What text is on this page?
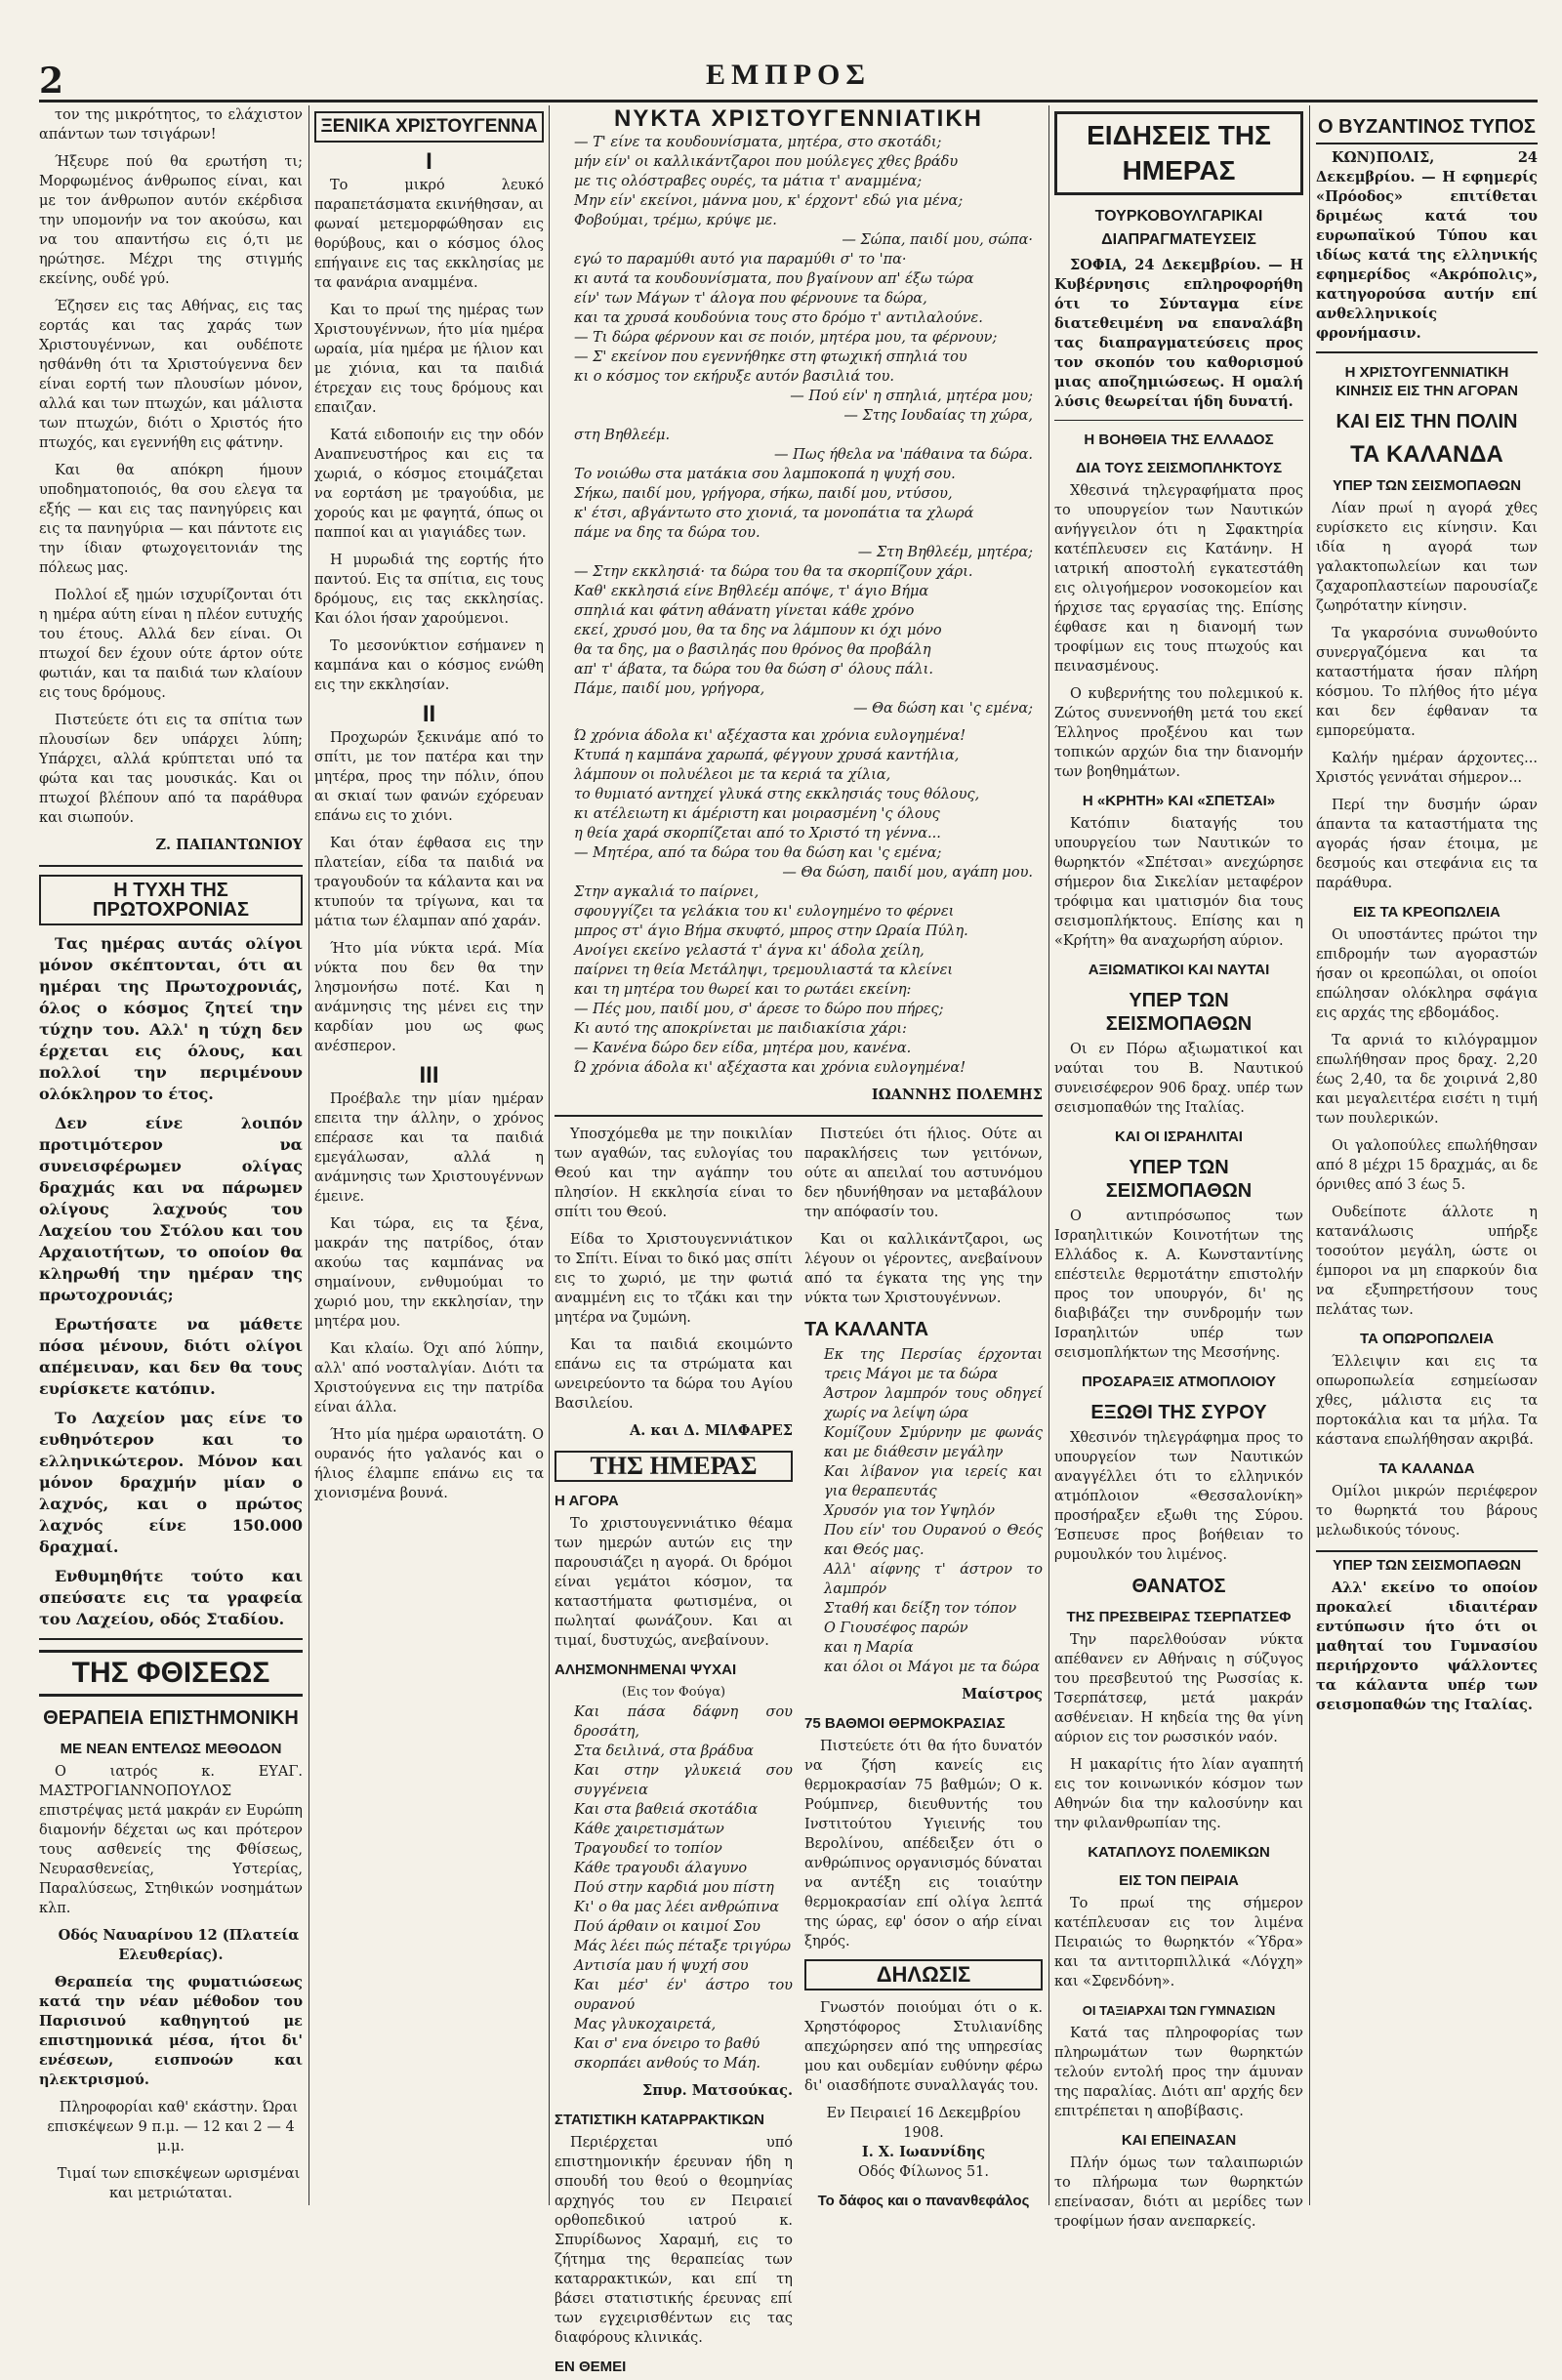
2	ΕΜΠΡΟΣ

τον της μικρότητος, το ελάχιστον απάντων των τσιγάρων!

Ήξευρε πού θα ερωτήση τι; Μορφωμένος άνθρωπος είναι, και με τον άνθρωπον αυτόν εκέρδισα την υπομονήν να τον ακούσω, και να του απαντήσω εις ό,τι με ηρώτησε. Μέχρι της στιγμής εκείνης, ουδέ γρύ.

Έζησεν εις τας Αθήνας, εις τας εορτάς και τας χαράς των Χριστουγέννων, και ουδέποτε ησθάνθη ότι τα Χριστούγεννα δεν είναι εορτή των πλουσίων μόνον, αλλά και των πτωχών, και μάλιστα των πτωχών, διότι ο Χριστός ήτο πτωχός, και εγεννήθη εις φάτνην.

Και θα απόκρη ήμουν υποδηματοποιός, θα σου ελεγα τα εξής — και εις τας πανηγύρεις και εις τα πανηγύρια — και πάντοτε εις την ίδιαν φτωχογειτονιάν της πόλεως μας.

Πολλοί εξ ημών ισχυρίζονται ότι η ημέρα αύτη είναι η πλέον ευτυχής του έτους. Αλλά δεν είναι. Οι πτωχοί δεν έχουν ούτε άρτον ούτε φωτιάν, και τα παιδιά των κλαίουν εις τους δρόμους.

Πιστεύετε ότι εις τα σπίτια των πλουσίων δεν υπάρχει λύπη; Υπάρχει, αλλά κρύπτεται υπό τα φώτα και τας μουσικάς. Και οι πτωχοί βλέπουν από τα παράθυρα και σιωπούν.

Ζ. ΠΑΠΑΝΤΩΝΙΟΥ
Η ΤΥΧΗ ΤΗΣ ΠΡΩΤΟΧΡΟΝΙΑΣ

Τας ημέρας αυτάς ολίγοι μόνον σκέπτονται, ότι αι ημέραι της Πρωτοχρονιάς, όλος ο κόσμος ζητεί την τύχην του. Αλλ' η τύχη δεν έρχεται εις όλους, και πολλοί την περιμένουν ολόκληρον το έτος.

Δεν είνε λοιπόν προτιμότερον να συνεισφέρωμεν ολίγας δραχμάς και να πάρωμεν ολίγους λαχνούς του Λαχείου του Στόλου και του Αρχαιοτήτων, το οποίον θα κληρωθή την ημέραν της πρωτοχρονιάς;

Ερωτήσατε να μάθετε πόσα μένουν, διότι ολίγοι απέμειναν, και δεν θα τους ευρίσκετε κατόπιν.

Το Λαχείον μας είνε το ευθηνότερον και το ελληνικώτερον. Μόνον και μόνον δραχμήν μίαν ο λαχνός, και ο πρώτος λαχνός είνε 150.000 δραχμαί.

Ενθυμηθήτε τούτο και σπεύσατε εις τα γραφεία του Λαχείου, οδός Σταδίου.

ΤΗΣ ΦΘΙΣΕΩΣ
ΘΕΡΑΠΕΙΑ ΕΠΙΣΤΗΜΟΝΙΚΗ
ΜΕ ΝΕΑΝ ΕΝΤΕΛΩΣ ΜΕΘΟΔΟΝ

Ο ιατρός κ. ΕΥΑΓ. ΜΑΣΤΡΟΓΙΑΝΝΟΠΟΥΛΟΣ επιστρέψας μετά μακράν εν Ευρώπη διαμονήν δέχεται ως και πρότερον τους ασθενείς της Φθίσεως, Νευρασθενείας, Υστερίας, Παραλύσεως, Στηθικών νοσημάτων κλπ.

Οδός Ναυαρίνου 12 (Πλατεία Ελευθερίας).

Θεραπεία της φυματιώσεως κατά την νέαν μέθοδον του Παρισινού καθηγητού με επιστημονικά μέσα, ήτοι δι' ενέσεων, εισπνοών και ηλεκτρισμού.

Πληροφορίαι καθ' εκάστην. Ώραι επισκέψεων 9 π.μ. — 12 και 2 — 4 μ.μ.

Τιμαί των επισκέψεων ωρισμέναι και μετριώταται.

ΞΕΝΙΚΑ ΧΡΙΣΤΟΥΓΕΝΝΑ
Ι

Το μικρό λευκό παραπετάσματα εκινήθησαν, αι φωναί μετεμορφώθησαν εις θορύβους, και ο κόσμος όλος επήγαινε εις τας εκκλησίας με τα φανάρια αναμμένα.

Και το πρωί της ημέρας των Χριστουγέννων, ήτο μία ημέρα ωραία, μία ημέρα με ήλιον και με χιόνια, και τα παιδιά έτρεχαν εις τους δρόμους και επαιζαν.

Κατά ειδοποιήν εις την οδόν Αναπνευστήρος και εις τα χωριά, ο κόσμος ετοιμάζεται να εορτάση με τραγούδια, με χορούς και με φαγητά, όπως οι παπποί και αι γιαγιάδες των.

Η μυρωδιά της εορτής ήτο παντού. Εις τα σπίτια, εις τους δρόμους, εις τας εκκλησίας. Και όλοι ήσαν χαρούμενοι.

Το μεσονύκτιον εσήμανεν η καμπάνα και ο κόσμος ενώθη εις την εκκλησίαν.

ΙΙ

Προχωρών ξεκινάμε από το σπίτι, με τον πατέρα και την μητέρα, προς την πόλιν, όπου αι σκιαί των φανών εχόρευαν επάνω εις το χιόνι.

Και όταν έφθασα εις την πλατείαν, είδα τα παιδιά να τραγουδούν τα κάλαντα και να κτυπούν τα τρίγωνα, και τα μάτια των έλαμπαν από χαράν.

Ήτο μία νύκτα ιερά. Μία νύκτα που δεν θα την λησμονήσω ποτέ. Και η ανάμνησις της μένει εις την καρδίαν μου ως φως ανέσπερον.

ΙΙΙ

Προέβαλε την μίαν ημέραν επειτα την άλλην, ο χρόνος επέρασε και τα παιδιά εμεγάλωσαν, αλλά η ανάμνησις των Χριστουγέννων έμεινε.

Και τώρα, εις τα ξένα, μακράν της πατρίδος, όταν ακούω τας καμπάνας να σημαίνουν, ενθυμούμαι το χωριό μου, την εκκλησίαν, την μητέρα μου.

Και κλαίω. Όχι από λύπην, αλλ' από νοσταλγίαν. Διότι τα Χριστούγεννα εις την πατρίδα είναι άλλα.

Ήτο μία ημέρα ωραιοτάτη. Ο ουρανός ήτο γαλανός και ο ήλιος έλαμπε επάνω εις τα χιονισμένα βουνά.

ΝΥΚΤΑ ΧΡΙΣΤΟΥΓΕΝΝΙΑΤΙΚΗ
— Τ' είνε τα κουδουνίσματα, μητέρα, στο σκοτάδι;
μήν είν' οι καλλικάντζαροι που μούλεγες χθες βράδυ
με τις ολόστραβες ουρές, τα μάτια τ' αναμμένα;
Μην είν' εκείνοι, μάννα μου, κ' έρχοντ' εδώ για μένα;
Φοβούμαι, τρέμω, κρύψε με.
— Σώπα, παιδί μου, σώπα·
εγώ το παραμύθι αυτό για παραμύθι σ' το 'πα·
κι αυτά τα κουδουνίσματα, που βγαίνουν απ' έξω τώρα
είν' των Μάγων τ' άλογα που φέρνουνε τα δώρα,
και τα χρυσά κουδούνια τους στο δρόμο τ' αντιλαλούνε.
— Τι δώρα φέρνουν και σε ποιόν, μητέρα μου, τα φέρνουν;
— Σ' εκείνον που εγεννήθηκε στη φτωχική σπηλιά του
κι ο κόσμος τον εκήρυξε αυτόν βασιλιά του.
— Πού είν' η σπηλιά, μητέρα μου;
— Στης Ιουδαίας τη χώρα,
στη Βηθλεέμ.
— Πως ήθελα να 'πάθαινα τα δώρα.
Το νοιώθω στα ματάκια σου λαμποκοπά η ψυχή σου.
Σήκω, παιδί μου, γρήγορα, σήκω, παιδί μου, ντύσου,
κ' έτσι, αβγάντωτο στο χιονιά, τα μονοπάτια τα χλωρά
πάμε να δης τα δώρα του.
— Στη Βηθλεέμ, μητέρα;
— Στην εκκλησιά· τα δώρα του θα τα σκορπίζουν χάρι.
Καθ' εκκλησιά είνε Βηθλεέμ απόψε, τ' άγιο Βήμα
σπηλιά και φάτνη αθάνατη γίνεται κάθε χρόνο
εκεί, χρυσό μου, θα τα δης να λάμπουν κι όχι μόνο
θα τα δης, μα ο βασιληάς που θρόνος θα προβάλη
απ' τ' άβατα, τα δώρα του θα δώση σ' όλους πάλι.
Πάμε, παιδί μου, γρήγορα,
— Θα δώση και 'ς εμένα;
Ώ χρόνια άδολα κι' αξέχαστα και χρόνια ευλογημένα!
Κτυπά η καμπάνα χαρωπά, φέγγουν χρυσά καντήλια,
λάμπουν οι πολυέλεοι με τα κεριά τα χίλια,
το θυμιατό αντηχεί γλυκά στης εκκλησιάς τους θόλους,
κι ατέλειωτη κι άμέριστη και μοιρασμένη 'ς όλους
η θεία χαρά σκορπίζεται από το Χριστό τη γέννα...
— Μητέρα, από τα δώρα του θα δώση και 'ς εμένα;
— Θα δώση, παιδί μου, αγάπη μου.
Στην αγκαλιά το παίρνει,
σφουγγίζει τα γελάκια του κι' ευλογημένο το φέρνει
μπρος στ' άγιο Βήμα σκυφτό, μπρος στην Ωραία Πύλη.
Ανοίγει εκείνο γελαστά τ' άγνα κι' άδολα χείλη,
παίρνει τη θεία Μετάληψι, τρεμουλιαστά τα κλείνει
και τη μητέρα του θωρεί και το ρωτάει εκείνη:
— Πές μου, παιδί μου, σ' άρεσε το δώρο που πήρες;
Κι αυτό της αποκρίνεται με παιδιακίσια χάρι:
— Κανένα δώρο δεν είδα, μητέρα μου, κανένα.
Ώ χρόνια άδολα κι' αξέχαστα και χρόνια ευλογημένα!
ΙΩΑΝΝΗΣ ΠΟΛΕΜΗΣ

Υποσχόμεθα με την ποικιλίαν των αγαθών, τας ευλογίας του Θεού και την αγάπην του πλησίον. Η εκκλησία είναι το σπίτι του Θεού.

Είδα το Χριστουγεννιάτικον το Σπίτι. Είναι το δικό μας σπίτι εις το χωριό, με την φωτιά αναμμένη εις το τζάκι και την μητέρα να ζυμώνη.

Και τα παιδιά εκοιμώντο επάνω εις τα στρώματα και ωνειρεύοντο τα δώρα του Αγίου Βασιλείου.

Α. και Δ. ΜΙΛΦΑΡΕΣ
ΤΗΣ ΗΜΕΡΑΣ
Η ΑΓΟΡΑ

Το χριστουγεννιάτικο θέαμα των ημερών αυτών εις την παρουσιάζει η αγορά. Οι δρόμοι είναι γεμάτοι κόσμον, τα καταστήματα φωτισμένα, οι πωληταί φωνάζουν. Και αι τιμαί, δυστυχώς, ανεβαίνουν.

ΑΛΗΣΜΟΝΗΜΕΝΑΙ ΨΥΧΑΙ
(Εις τον Φούγα)
Και πάσα δάφνη σου δροσάτη,
Στα δειλινά, στα βράδυα
Και στην γλυκειά σου συγγένεια
Και στα βαθειά σκοτάδια
Κάθε χαιρετισμάτων
Τραγουδεί το τοπίον
Κάθε τραγουδι άλαγυνο
Πού στην καρδιά μου πίστη
Κι' ο θα μας λέει ανθρώπινα
Πού άρθαιν οι καιμοί Σου
Μάς λέει πώς πέταξε τριγύρω
Αντισία μαυ ή ψυχή σου
Και μέσ' έν' άστρο του ουρανού
Μας γλυκοχαιρετά,
Και σ' ενα όνειρο το βαθύ
σκορπάει ανθούς το Μάη.
Σπυρ. Ματσούκας.
ΣΤΑΤΙΣΤΙΚΗ ΚΑΤΑΡΡΑΚΤΙΚΩΝ

Περιέρχεται υπό επιστημονικήν έρευναν ήδη η σπουδή του θεού ο θεομηνίας αρχηγός του εν Πειραιεί ορθοπεδικού ιατρού κ. Σπυρίδωνος Χαραμή, εις το ζήτημα της θεραπείας των καταρρακτικών, και επί τη βάσει στατιστικής έρευνας επί των εγχειρισθέντων εις τας διαφόρους κλινικάς.

ΕΝ ΘΕΜΕΙ

Πιστεύει ότι ήλιος. Ούτε αι παρακλήσεις των γειτόνων, ούτε αι απειλαί του αστυνόμου δεν ηδυνήθησαν να μεταβάλουν την απόφασίν του.

Και οι καλλικάντζαροι, ως λέγουν οι γέροντες, ανεβαίνουν από τα έγκατα της γης την νύκτα των Χριστουγέννων.

ΤΑ ΚΑΛΑΝΤΑ
Εκ της Περσίας έρχονται τρεις Μάγοι με τα δώρα
Άστρον λαμπρόν τους οδηγεί χωρίς να λείψη ώρα
Κομίζουν Σμύρνην με φωνάς και με διάθεσιν μεγάλην
Και λίβανον για ιερείς και για θεραπευτάς
Χρυσόν για τον Υψηλόν
Που είν' του Ουρανού ο Θεός και Θεός μας.
Αλλ' αίφνης τ' άστρον το λαμπρόν
Σταθή και δείξη τον τόπον
Ο Γιουσέφος παρών
και η Μαρία
και όλοι οι Μάγοι με τα δώρα
Μαίστρος
75 ΒΑΘΜΟΙ ΘΕΡΜΟΚΡΑΣΙΑΣ

Πιστεύετε ότι θα ήτο δυνατόν να ζήση κανείς εις θερμοκρασίαν 75 βαθμών; Ο κ. Ρούμπνερ, διευθυντής του Ινστιτούτου Υγιεινής του Βερολίνου, απέδειξεν ότι ο ανθρώπινος οργανισμός δύναται να αντέξη εις τοιαύτην θερμοκρασίαν επί ολίγα λεπτά της ώρας, εφ' όσον ο αήρ είναι ξηρός.

ΔΗΛΩΣΙΣ

Γνωστόν ποιούμαι ότι ο κ. Χρηστόφορος Στυλιανίδης απεχώρησεν από της υπηρεσίας μου και ουδεμίαν ευθύνην φέρω δι' οιασδήποτε συναλλαγάς του.

Εν Πειραιεί 16 Δεκεμβρίου 1908.
Ι. Χ. Ιωαννίδης
Οδός Φίλωνος 51.
Το δάφος και ο πανανθεφάλος
ΕΙΔΗΣΕΙΣ ΤΗΣ ΗΜΕΡΑΣ
ΤΟΥΡΚΟΒΟΥΛΓΑΡΙΚΑΙ ΔΙΑΠΡΑΓΜΑΤΕΥΣΕΙΣ

ΣΟΦΙΑ, 24 Δεκεμβρίου. — Η Κυβέρνησις επληροφορήθη ότι το Σύνταγμα είνε διατεθειμένη να επαναλάβη τας διαπραγματεύσεις προς τον σκοπόν του καθορισμού μιας αποζημιώσεως. Η ομαλή λύσις θεωρείται ήδη δυνατή.

Η ΒΟΗΘΕΙΑ ΤΗΣ ΕΛΛΑΔΟΣ
ΔΙΑ ΤΟΥΣ ΣΕΙΣΜΟΠΛΗΚΤΟΥΣ

Χθεσινά τηλεγραφήματα προς το υπουργείον των Ναυτικών ανήγγειλον ότι η Σφακτηρία κατέπλευσεν εις Κατάνην. Η ιατρική αποστολή εγκατεστάθη εις ολιγοήμερον νοσοκομείον και ήρχισε τας εργασίας της. Επίσης έφθασε και η διανομή των τροφίμων εις τους πτωχούς και πεινασμένους.

Ο κυβερνήτης του πολεμικού κ. Ζώτος συνεννοήθη μετά του εκεί Έλληνος προξένου και των τοπικών αρχών δια την διανομήν των βοηθημάτων.

Η «ΚΡΗΤΗ» ΚΑΙ «ΣΠΕΤΣΑΙ»

Κατόπιν διαταγής του υπουργείου των Ναυτικών το θωρηκτόν «Σπέτσαι» ανεχώρησε σήμερον δια Σικελίαν μεταφέρον τρόφιμα και ιματισμόν δια τους σεισμοπλήκτους. Επίσης και η «Κρήτη» θα αναχωρήση αύριον.

ΑΞΙΩΜΑΤΙΚΟΙ ΚΑΙ ΝΑΥΤΑΙ
ΥΠΕΡ ΤΩΝ ΣΕΙΣΜΟΠΑΘΩΝ

Οι εν Πόρω αξιωματικοί και ναύται του Β. Ναυτικού συνεισέφερον 906 δραχ. υπέρ των σεισμοπαθών της Ιταλίας.

ΚΑΙ ΟΙ ΙΣΡΑΗΛΙΤΑΙ
ΥΠΕΡ ΤΩΝ ΣΕΙΣΜΟΠΑΘΩΝ

Ο αντιπρόσωπος των Ισραηλιτικών Κοινοτήτων της Ελλάδος κ. Α. Κωνσταντίνης επέστειλε θερμοτάτην επιστολήν προς τον υπουργόν, δι' ης διαβιβάζει την συνδρομήν των Ισραηλιτών υπέρ των σεισμοπλήκτων της Μεσσήνης.

ΠΡΟΣΑΡΑΞΙΣ ΑΤΜΟΠΛΟΙΟΥ
ΕΞΩΘΙ ΤΗΣ ΣΥΡΟΥ

Χθεσινόν τηλεγράφημα προς το υπουργείον των Ναυτικών αναγγέλλει ότι το ελληνικόν ατμόπλοιον «Θεσσαλονίκη» προσήραξεν εξωθι της Σύρου. Έσπευσε προς βοήθειαν το ρυμουλκόν του λιμένος.

ΘΑΝΑΤΟΣ
ΤΗΣ ΠΡΕΣΒΕΙΡΑΣ ΤΣΕΡΠΑΤΣΕΦ

Την παρελθούσαν νύκτα απέθανεν εν Αθήναις η σύζυγος του πρεσβευτού της Ρωσσίας κ. Τσερπάτσεφ, μετά μακράν ασθένειαν. Η κηδεία της θα γίνη αύριον εις τον ρωσσικόν ναόν.

Η μακαρίτις ήτο λίαν αγαπητή εις τον κοινωνικόν κόσμον των Αθηνών δια την καλοσύνην και την φιλανθρωπίαν της.

ΚΑΤΑΠΛΟΥΣ ΠΟΛΕΜΙΚΩΝ
ΕΙΣ ΤΟΝ ΠΕΙΡΑΙΑ

Το πρωί της σήμερον κατέπλευσαν εις τον λιμένα Πειραιώς το θωρηκτόν «Ύδρα» και τα αντιτορπιλλικά «Λόγχη» και «Σφενδόνη».

ΟΙ ΤΑΞΙΑΡΧΑΙ ΤΩΝ ΓΥΜΝΑΣΙΩΝ

Κατά τας πληροφορίας των πληρωμάτων των θωρηκτών τελούν εντολή προς την άμυναν της παραλίας. Διότι απ' αρχής δεν επιτρέπεται η αποβίβασις.

ΚΑΙ ΕΠΕΙΝΑΣΑΝ

Πλήν όμως των ταλαιπωριών το πλήρωμα των θωρηκτών επείνασαν, διότι αι μερίδες των τροφίμων ήσαν ανεπαρκείς.

Ο ΒΥΖΑΝΤΙΝΟΣ ΤΥΠΟΣ

ΚΩΝ)ΠΟΛΙΣ, 24 Δεκεμβρίου. — Η εφημερίς «Πρόοδος» επιτίθεται δριμέως κατά του ευρωπαϊκού Τύπου και ιδίως κατά της ελληνικής εφημερίδος «Ακρόπολις», κατηγορούσα αυτήν επί ανθελληνικοίς φρονήμασιν.

Η ΧΡΙΣΤΟΥΓΕΝΝΙΑΤΙΚΗ ΚΙΝΗΣΙΣ ΕΙΣ ΤΗΝ ΑΓΟΡΑΝ
ΚΑΙ ΕΙΣ ΤΗΝ ΠΟΛΙΝ
ΤΑ ΚΑΛΑΝΔΑ
ΥΠΕΡ ΤΩΝ ΣΕΙΣΜΟΠΑΘΩΝ

Λίαν πρωί η αγορά χθες ευρίσκετο εις κίνησιν. Και ιδία η αγορά των γαλακτοπωλείων και των ζαχαροπλαστείων παρουσίαζε ζωηρότατην κίνησιν.

Τα γκαρσόνια συνωθούντο συνεργαζόμενα και τα καταστήματα ήσαν πλήρη κόσμου. Το πλήθος ήτο μέγα και δεν έφθαναν τα εμπορεύματα.

Καλήν ημέραν άρχοντες... Χριστός γεννάται σήμερον...

Περί την δυσμήν ώραν άπαντα τα καταστήματα της αγοράς ήσαν έτοιμα, με δεσμούς και στεφάνια εις τα παράθυρα.

ΕΙΣ ΤΑ ΚΡΕΟΠΩΛΕΙΑ

Οι υποστάντες πρώτοι την επιδρομήν των αγοραστών ήσαν οι κρεοπώλαι, οι οποίοι επώλησαν ολόκληρα σφάγια εις αρχάς της εβδομάδος.

Τα αρνιά το κιλόγραμμον επωλήθησαν προς δραχ. 2,20 έως 2,40, τα δε χοιρινά 2,80 και μεγαλειτέρα εισέτι η τιμή των πουλερικών.

Οι γαλοπούλες επωλήθησαν από 8 μέχρι 15 δραχμάς, αι δε όρνιθες από 3 έως 5.

Ουδείποτε άλλοτε η κατανάλωσις υπήρξε τοσούτον μεγάλη, ώστε οι έμποροι να μη επαρκούν δια να εξυπηρετήσουν τους πελάτας των.

ΤΑ ΟΠΩΡΟΠΩΛΕΙΑ

Έλλειψιν και εις τα οπωροπωλεία εσημείωσαν χθες, μάλιστα εις τα πορτοκάλια και τα μήλα. Τα κάστανα επωλήθησαν ακριβά.

ΤΑ ΚΑΛΑΝΔΑ

Ομίλοι μικρών περιέφερον το θωρηκτά του βάρους μελωδικούς τόνους.

ΥΠΕΡ ΤΩΝ ΣΕΙΣΜΟΠΑΘΩΝ

Αλλ' εκείνο το οποίον προκαλεί ιδιαιτέραν εντύπωσιν ήτο ότι οι μαθηταί του Γυμνασίου περιήρχοντο ψάλλοντες τα κάλαντα υπέρ των σεισμοπαθών της Ιταλίας.
